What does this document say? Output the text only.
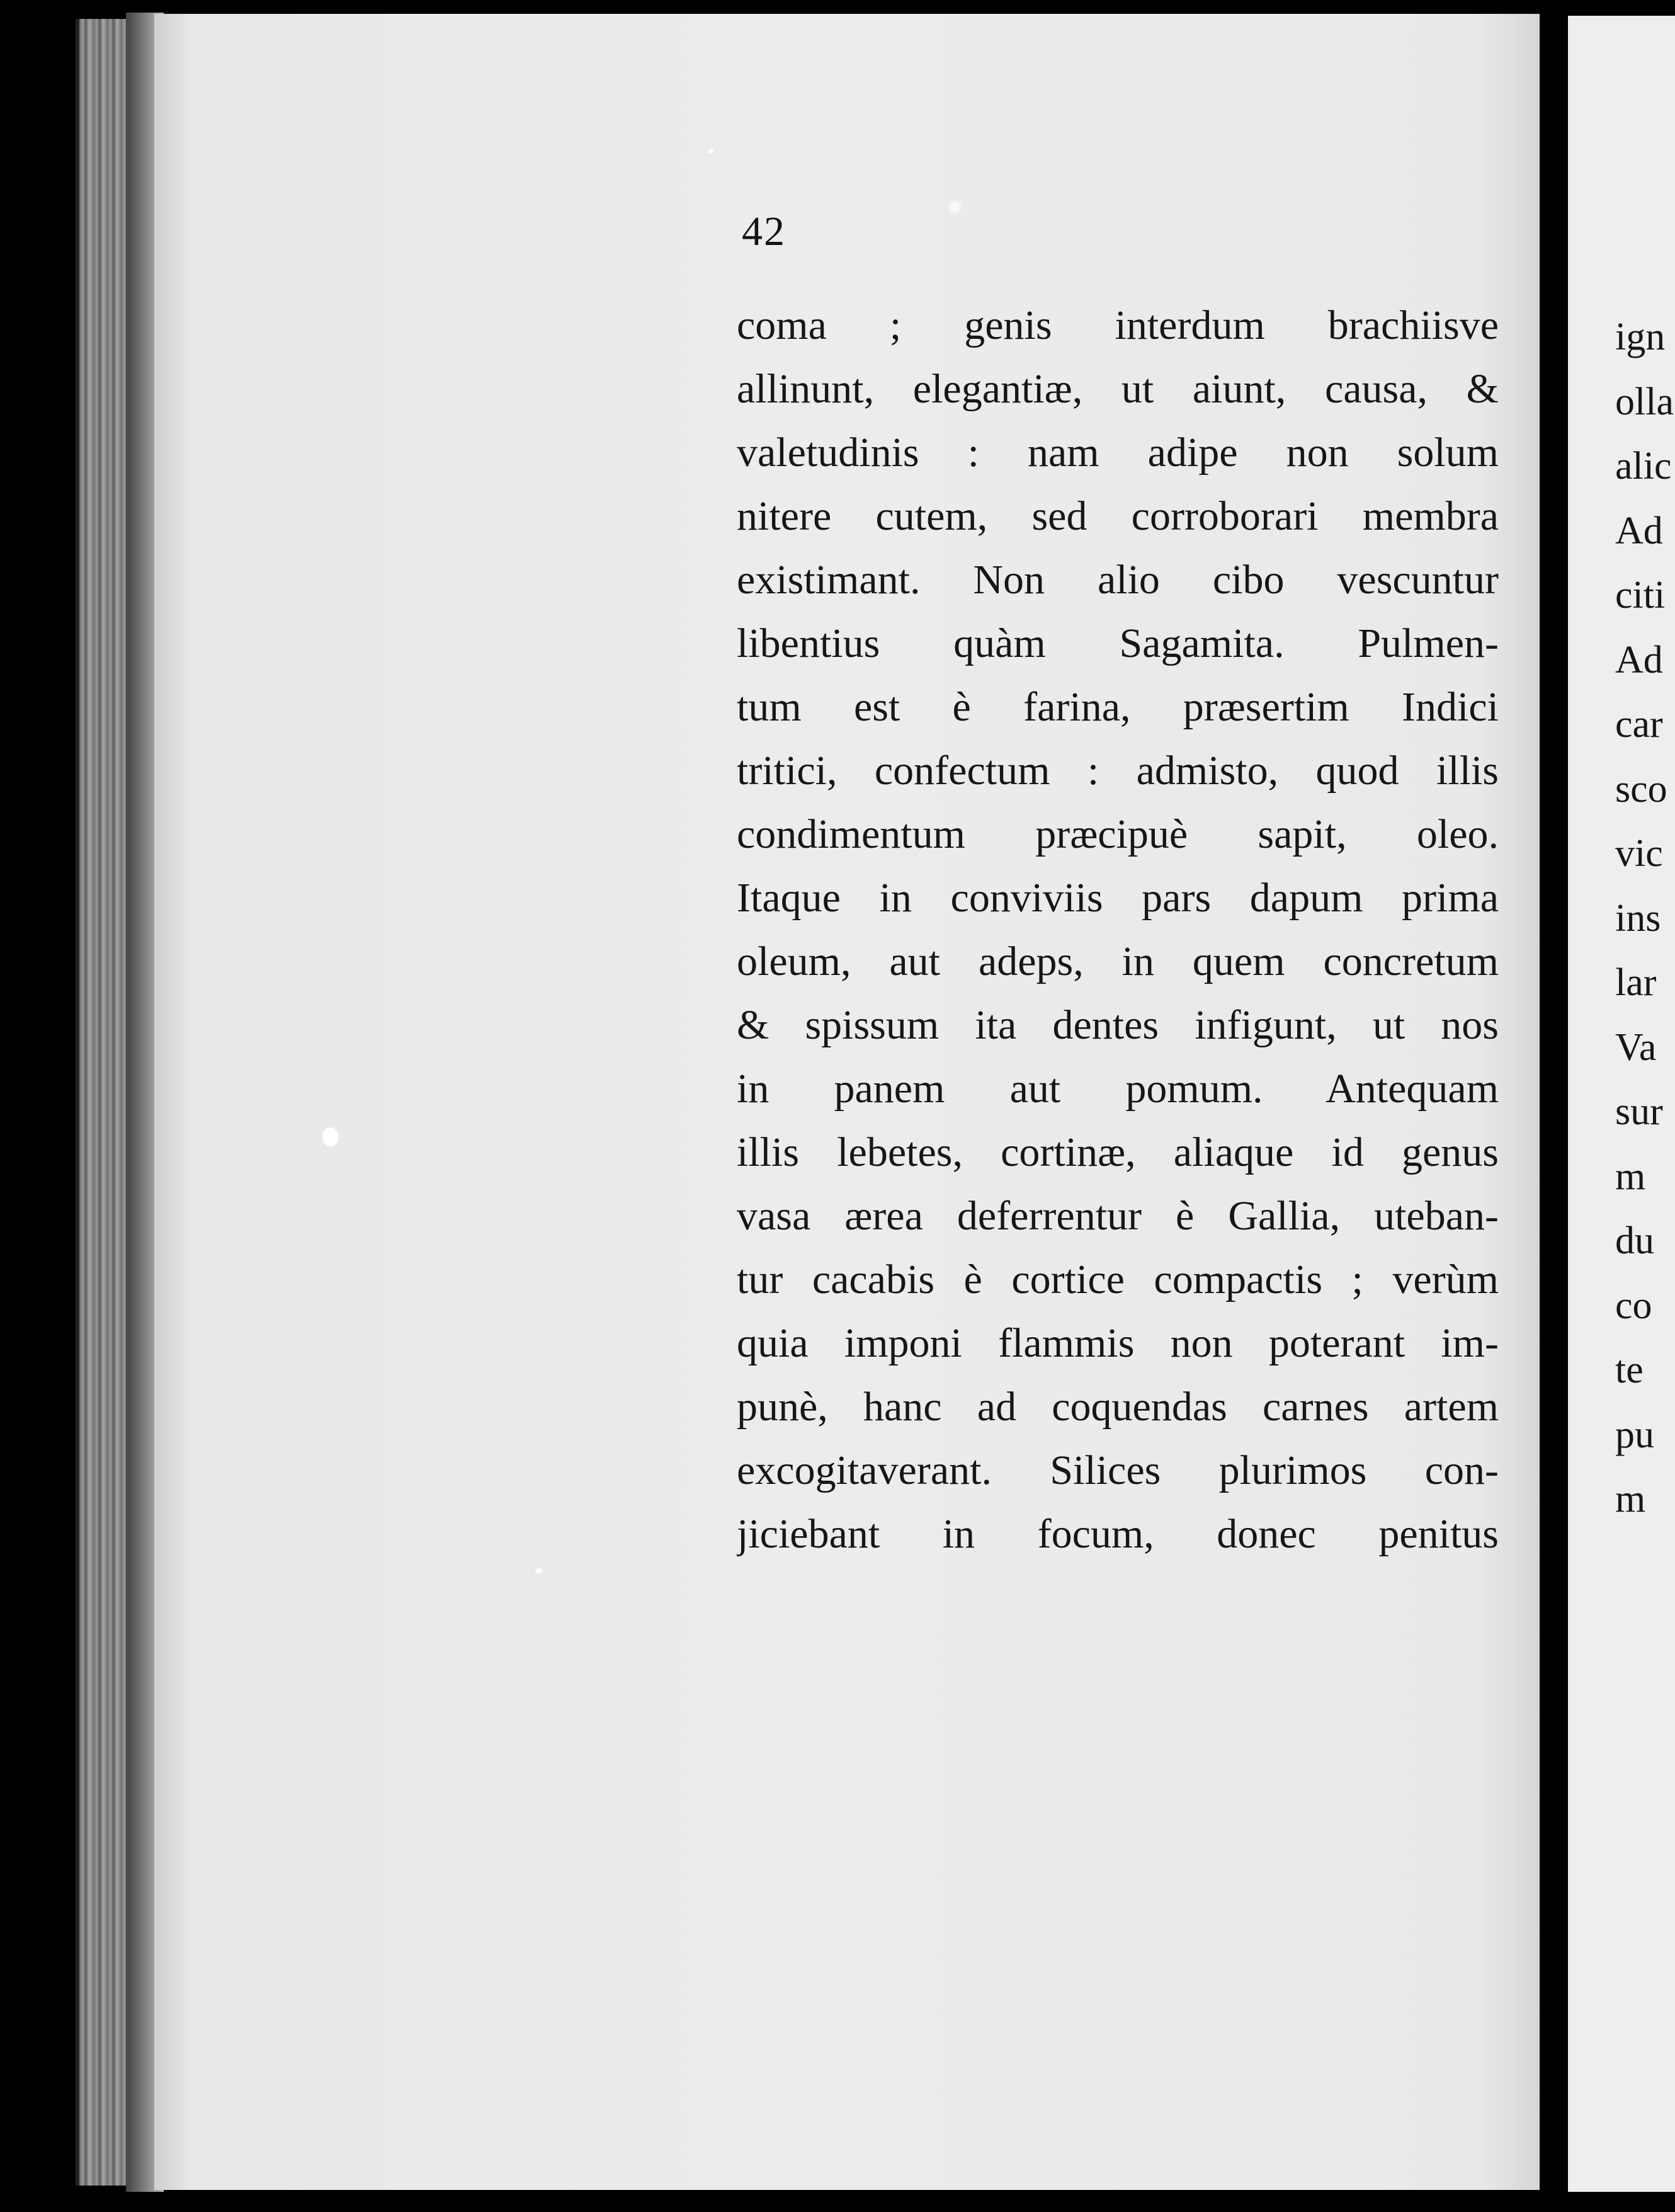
42
coma ; genis interdum brachiisve
allinunt, elegantiæ, ut aiunt, causa, &
valetudinis : nam adipe non solum
nitere cutem, sed corroborari membra
existimant. Non alio cibo vescuntur
libentius quàm Sagamita. Pulmen-
tum est è farina, præsertim Indici
tritici, confectum : admisto, quod illis
condimentum præcipuè sapit, oleo.
Itaque in conviviis pars dapum prima
oleum, aut adeps, in quem concretum
& spissum ita dentes infigunt, ut nos
in panem aut pomum. Antequam
illis lebetes, cortinæ, aliaque id genus
vasa ærea deferrentur è Gallia, uteban-
tur cacabis è cortice compactis ; verùm
quia imponi flammis non poterant im-
punè, hanc ad coquendas carnes artem
excogitaverant. Silices plurimos con-
jiciebant in focum, donec penitus
ign
olla
alic
Ad
citi
Ad
car
sco
vic
ins
lar
Va
sur
m
du
co
te
pu
m
